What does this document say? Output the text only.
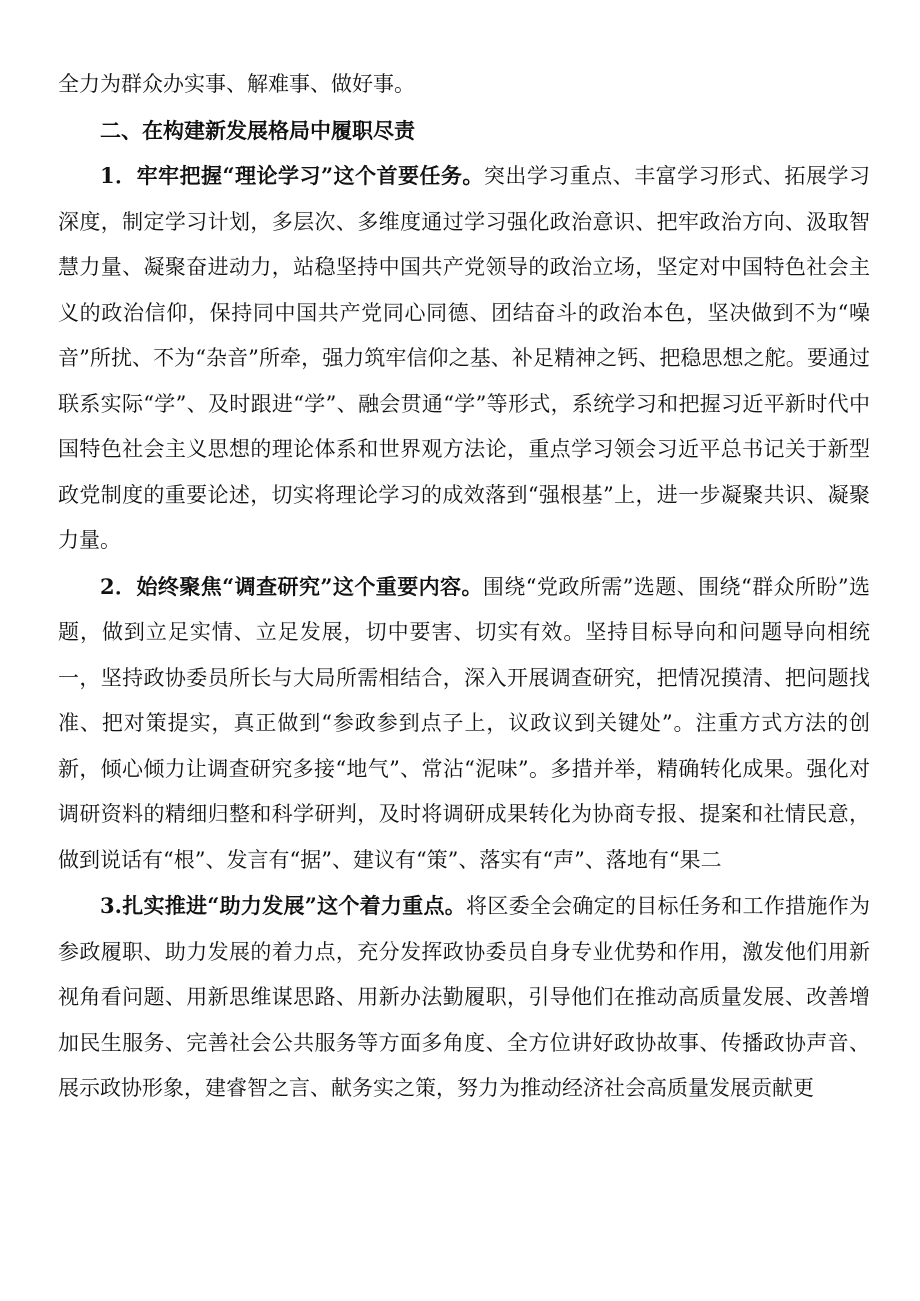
全力为群众办实事、解难事、做好事。

二、在构建新发展格局中履职尽责

1．牢牢把握“理论学习”这个首要任务。突出学习重点、丰富学习形式、拓展学习深度，制定学习计划，多层次、多维度通过学习强化政治意识、把牢政治方向、汲取智慧力量、凝聚奋进动力，站稳坚持中国共产党领导的政治立场，坚定对中国特色社会主义的政治信仰，保持同中国共产党同心同德、团结奋斗的政治本色，坚决做到不为“噪音”所扰、不为“杂音”所牵，强力筑牢信仰之基、补足精神之钙、把稳思想之舵。要通过联系实际“学”、及时跟进“学”、融会贯通“学”等形式，系统学习和把握习近平新时代中国特色社会主义思想的理论体系和世界观方法论，重点学习领会习近平总书记关于新型政党制度的重要论述，切实将理论学习的成效落到“强根基”上，进一步凝聚共识、凝聚力量。

2．始终聚焦“调查研究”这个重要内容。围绕“党政所需”选题、围绕“群众所盼”选题，做到立足实情、立足发展，切中要害、切实有效。坚持目标导向和问题导向相统一，坚持政协委员所长与大局所需相结合，深入开展调查研究，把情况摸清、把问题找准、把对策提实，真正做到“参政参到点子上，议政议到关键处”。注重方式方法的创新，倾心倾力让调查研究多接“地气”、常沾“泥味”。多措并举，精确转化成果。强化对调研资料的精细归整和科学研判，及时将调研成果转化为协商专报、提案和社情民意，做到说话有“根”、发言有“据”、建议有“策”、落实有“声”、落地有“果二

3.扎实推进“助力发展”这个着力重点。将区委全会确定的目标任务和工作措施作为参政履职、助力发展的着力点，充分发挥政协委员自身专业优势和作用，激发他们用新视角看问题、用新思维谋思路、用新办法勤履职，引导他们在推动高质量发展、改善增加民生服务、完善社会公共服务等方面多角度、全方位讲好政协故事、传播政协声音、展示政协形象，建睿智之言、献务实之策，努力为推动经济社会高质量发展贡献更
